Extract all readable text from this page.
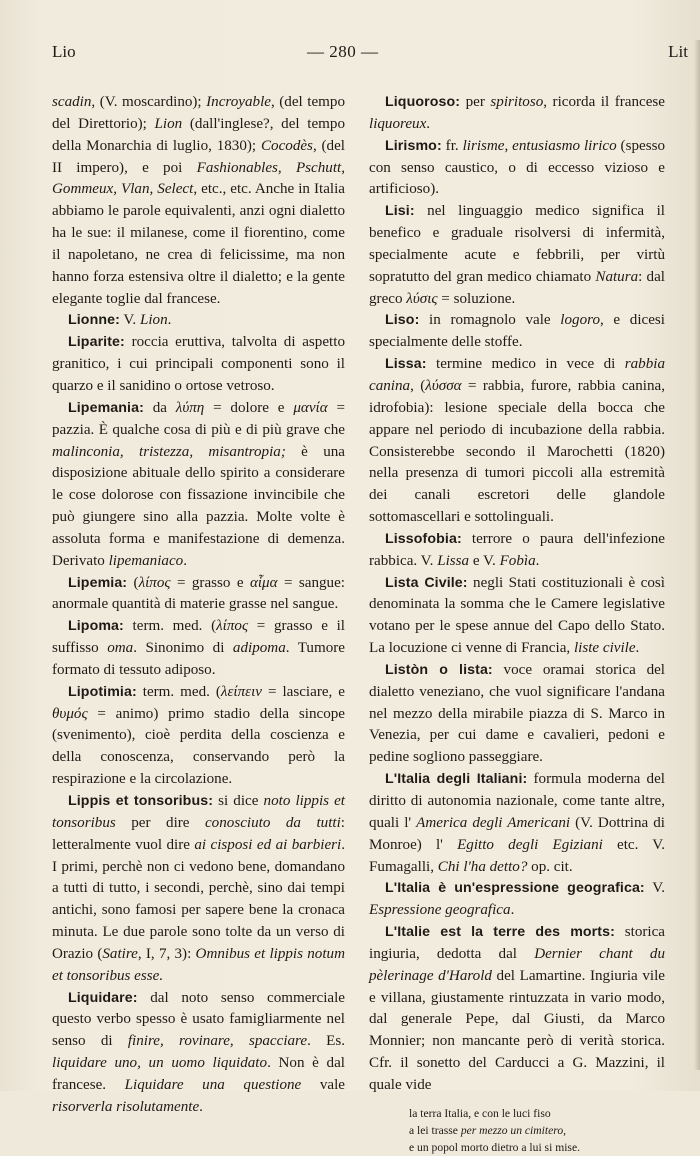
Lio	— 280 —	Lit

scadin, (V. moscardino); Incroyable, (del tempo del Direttorio); Lion (dall'inglese?, del tempo della Monarchia di luglio, 1830); Cocodès, (del II impero), e poi Fashionables, Pschutt, Gommeux, Vlan, Select, etc., etc. Anche in Italia abbiamo le parole equivalenti, anzi ogni dialetto ha le sue: il milanese, come il fiorentino, come il napoletano, ne crea di felicissime, ma non hanno forza estensiva oltre il dialetto; e la gente elegante toglie dal francese.

Lionne: V. Lion.

Liparite: roccia eruttiva, talvolta di aspetto granitico, i cui principali componenti sono il quarzo e il sanidino o ortose vetroso.

Lipemania: da λύπη = dolore e μανία = pazzia. È qualche cosa di più e di più grave che malinconia, tristezza, misantropia; è una disposizione abituale dello spirito a considerare le cose dolorose con fissazione invincibile che può giungere sino alla pazzia. Molte volte è assoluta forma e manifestazione di demenza. Derivato lipemaniaco.

Lipemia: (λίπος = grasso e αἷμα = sangue: anormale quantità di materie grasse nel sangue.

Lipoma: term. med. (λίπος = grasso e il suffisso oma. Sinonimo di adipoma. Tumore formato di tessuto adiposo.

Lipotimia: term. med. (λείπειν = lasciare, e θυμός = animo) primo stadio della sincope (svenimento), cioè perdita della coscienza e della conoscenza, conservando però la respirazione e la circolazione.

Lippis et tonsoribus: si dice noto lippis et tonsoribus per dire conosciuto da tutti: letteralmente vuol dire ai cisposi ed ai barbieri. I primi, perchè non ci vedono bene, domandano a tutti di tutto, i secondi, perchè, sino dai tempi antichi, sono famosi per sapere bene la cronaca minuta. Le due parole sono tolte da un verso di Orazio (Satire, I, 7, 3): Omnibus et lippis notum et tonsoribus esse.

Liquidare: dal noto senso commerciale questo verbo spesso è usato famigliarmente nel senso di finire, rovinare, spacciare. Es. liquidare uno, un uomo liquidato. Non è dal francese. Liquidare una questione vale risorverla risolutamente.

Liquoroso: per spiritoso, ricorda il francese liquoreux.

Lirismo: fr. lirisme, entusiasmo lirico (spesso con senso caustico, o di eccesso vizioso e artificioso).

Lisi: nel linguaggio medico significa il benefico e graduale risolversi di infermità, specialmente acute e febbrili, per virtù sopratutto del gran medico chiamato Natura: dal greco λύσις = soluzione.

Liso: in romagnolo vale logoro, e dicesi specialmente delle stoffe.

Lissa: termine medico in vece di rabbia canina, (λύσσα = rabbia, furore, rabbia canina, idrofobia): lesione speciale della bocca che appare nel periodo di incubazione della rabbia. Consisterebbe secondo il Marochetti (1820) nella presenza di tumori piccoli alla estremità dei canali escretori delle glandole sottomascellari e sottolinguali.

Lissofobia: terrore o paura dell'infezione rabbica. V. Lissa e V. Fobìa.

Lista Civile: negli Stati costituzionali è così denominata la somma che le Camere legislative votano per le spese annue del Capo dello Stato. La locuzione ci venne di Francia, liste civile.

Listòn o lista: voce oramai storica del dialetto veneziano, che vuol significare l'andana nel mezzo della mirabile piazza di S. Marco in Venezia, per cui dame e cavalieri, pedoni e pedine sogliono passeggiare.

L'Italia degli Italiani: formula moderna del diritto di autonomia nazionale, come tante altre, quali l' America degli Americani (V. Dottrina di Monroe) l' Egitto degli Egiziani etc. V. Fumagalli, Chi l'ha detto? op. cit.

L'Italia è un'espressione geografica: V. Espressione geografica.

L'Italie est la terre des morts: storica ingiuria, dedotta dal Dernier chant du pèlerinage d'Harold del Lamartine. Ingiuria vile e villana, giustamente rintuzzata in vario modo, dal generale Pepe, dal Giusti, da Marco Monnier; non mancante però di verità storica. Cfr. il sonetto del Carducci a G. Mazzini, il quale vide

la terra Italia, e con le luci fiso
a lei trasse per mezzo un cimitero,
e un popol morto dietro a lui si mise.
